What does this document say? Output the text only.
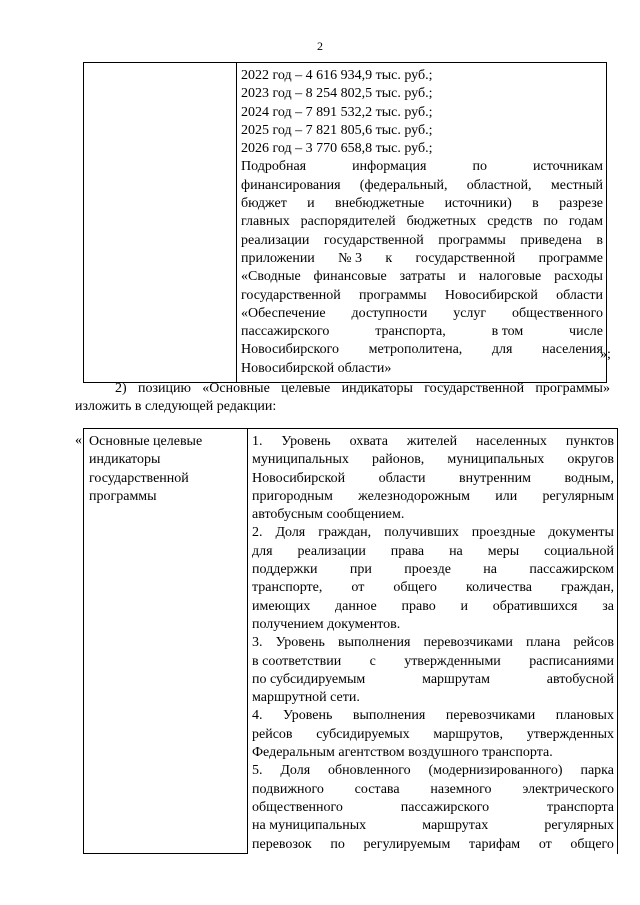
2

2022 год – 4 616 934,9 тыс. руб.;
2023 год – 8 254 802,5 тыс. руб.;
2024 год – 7 891 532,2 тыс. руб.;
2025 год – 7 821 805,6 тыс. руб.;
2026 год – 3 770 658,8 тыс. руб.;
Подробная	информация	по	источникам
финансирования (федеральный, областной, местный
бюджет и внебюджетные источники) в разрезе
главных распорядителей бюджетных средств по годам
реализации государственной программы приведена в
приложении № 3 к государственной программе
«Сводные финансовые затраты и налоговые расходы
государственной программы Новосибирской области
«Обеспечение доступности услуг общественного
пассажирского	транспорта,	в том	числе
Новосибирского метрополитена, для населения
Новосибирской области»
»;
2) позицию «Основные целевые индикаторы государственной программы»
изложить в следующей редакции:
« Основные целевые
индикаторы
государственной
программы

1. Уровень охвата жителей населенных пунктов
муниципальных районов, муниципальных округов
Новосибирской области внутренним водным,
пригородным железнодорожным или регулярным
автобусным сообщением.
2. Доля граждан, получивших проездные документы
для реализации права на меры социальной
поддержки при проезде на пассажирском
транспорте, от общего количества граждан,
имеющих данное право и обратившихся за
получением документов.
3. Уровень выполнения перевозчиками плана рейсов
в соответствии с утвержденными расписаниями
по субсидируемым	маршрутам	автобусной
маршрутной сети.
4. Уровень выполнения перевозчиками плановых
рейсов субсидируемых маршрутов, утвержденных
Федеральным агентством воздушного транспорта.
5. Доля обновленного (модернизированного) парка
подвижного состава наземного электрического
общественного	пассажирского	транспорта
на муниципальных	маршрутах	регулярных
перевозок по регулируемым тарифам от общего
